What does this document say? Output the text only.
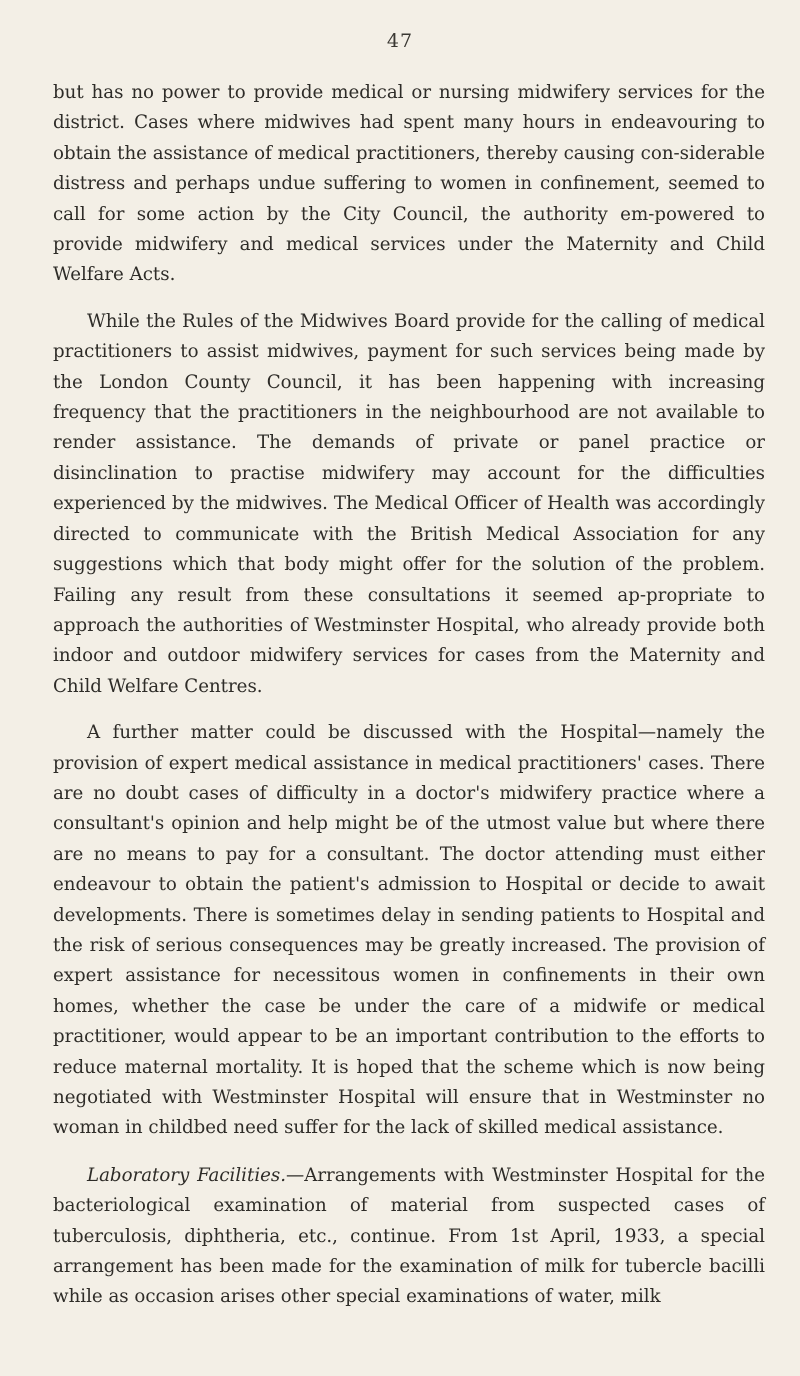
47

but has no power to provide medical or nursing midwifery services for the district. Cases where midwives had spent many hours in endeavouring to obtain the assistance of medical practitioners, thereby causing con-siderable distress and perhaps undue suffering to women in confinement, seemed to call for some action by the City Council, the authority em-powered to provide midwifery and medical services under the Maternity and Child Welfare Acts.

While the Rules of the Midwives Board provide for the calling of medical practitioners to assist midwives, payment for such services being made by the London County Council, it has been happening with increasing frequency that the practitioners in the neighbourhood are not available to render assistance. The demands of private or panel practice or disinclination to practise midwifery may account for the difficulties experienced by the midwives. The Medical Officer of Health was accordingly directed to communicate with the British Medical Association for any suggestions which that body might offer for the solution of the problem. Failing any result from these consultations it seemed ap-propriate to approach the authorities of Westminster Hospital, who already provide both indoor and outdoor midwifery services for cases from the Maternity and Child Welfare Centres.

A further matter could be discussed with the Hospital—namely the provision of expert medical assistance in medical practitioners' cases. There are no doubt cases of difficulty in a doctor's midwifery practice where a consultant's opinion and help might be of the utmost value but where there are no means to pay for a consultant. The doctor attending must either endeavour to obtain the patient's admission to Hospital or decide to await developments. There is sometimes delay in sending patients to Hospital and the risk of serious consequences may be greatly increased. The provision of expert assistance for necessitous women in confinements in their own homes, whether the case be under the care of a midwife or medical practitioner, would appear to be an important contribution to the efforts to reduce maternal mortality. It is hoped that the scheme which is now being negotiated with Westminster Hospital will ensure that in Westminster no woman in childbed need suffer for the lack of skilled medical assistance.

Laboratory Facilities.—Arrangements with Westminster Hospital for the bacteriological examination of material from suspected cases of tuberculosis, diphtheria, etc., continue. From 1st April, 1933, a special arrangement has been made for the examination of milk for tubercle bacilli while as occasion arises other special examinations of water, milk
